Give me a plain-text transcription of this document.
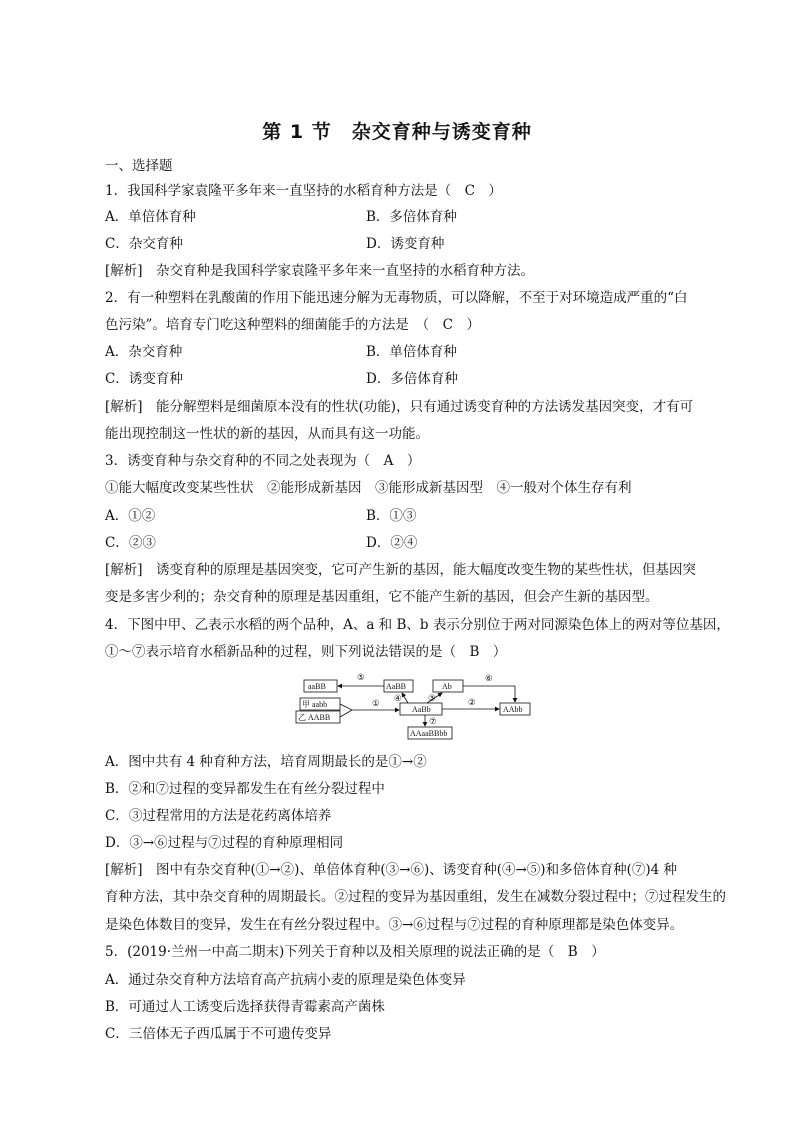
第 1 节　杂交育种与诱变育种
一、选择题
1．我国科学家袁隆平多年来一直坚持的水稻育种方法是（　C　）
A．单倍体育种	B．多倍体育种
C．杂交育种	D．诱变育种
[解析]　杂交育种是我国科学家袁隆平多年来一直坚持的水稻育种方法。
2．有一种塑料在乳酸菌的作用下能迅速分解为无毒物质，可以降解，不至于对环境造成严重的“白
色污染”。培育专门吃这种塑料的细菌能手的方法是　（　C　）
A．杂交育种	B．单倍体育种
C．诱变育种	D．多倍体育种
[解析]　能分解塑料是细菌原本没有的性状(功能)，只有通过诱变育种的方法诱发基因突变，才有可
能出现控制这一性状的新的基因，从而具有这一功能。
3．诱变育种与杂交育种的不同之处表现为（　A　）
①能大幅度改变某些性状　②能形成新基因　③能形成新基因型　④一般对个体生存有利
A．①②	B．①③
C．②③	D．②④
[解析]　诱变育种的原理是基因突变，它可产生新的基因，能大幅度改变生物的某些性状，但基因突
变是多害少利的；杂交育种的原理是基因重组，它不能产生新的基因，但会产生新的基因型。
4．下图中甲、乙表示水稻的两个品种，A、a 和 B、b 表示分别位于两对同源染色体上的两对等位基因，
①～⑦表示培育水稻新品种的过程，则下列说法错误的是（　B　）
aaBB	AaBB	Ab
甲 aabb
乙 AABB
AaBb	AAbb
AAaaBBbb
①	②
③
④
⑤	⑥
⑦
A．图中共有 4 种育种方法，培育周期最长的是①→②
B．②和⑦过程的变异都发生在有丝分裂过程中
C．③过程常用的方法是花药离体培养
D．③→⑥过程与⑦过程的育种原理相同
[解析]　图中有杂交育种(①→②)、单倍体育种(③→⑥)、诱变育种(④→⑤)和多倍体育种(⑦)4 种
育种方法，其中杂交育种的周期最长。②过程的变异为基因重组，发生在减数分裂过程中；⑦过程发生的
是染色体数目的变异，发生在有丝分裂过程中。③→⑥过程与⑦过程的育种原理都是染色体变异。
5．(2019·兰州一中高二期末)下列关于育种以及相关原理的说法正确的是（　B　）
A．通过杂交育种方法培育高产抗病小麦的原理是染色体变异
B．可通过人工诱变后选择获得青霉素高产菌株
C．三倍体无子西瓜属于不可遗传变异
